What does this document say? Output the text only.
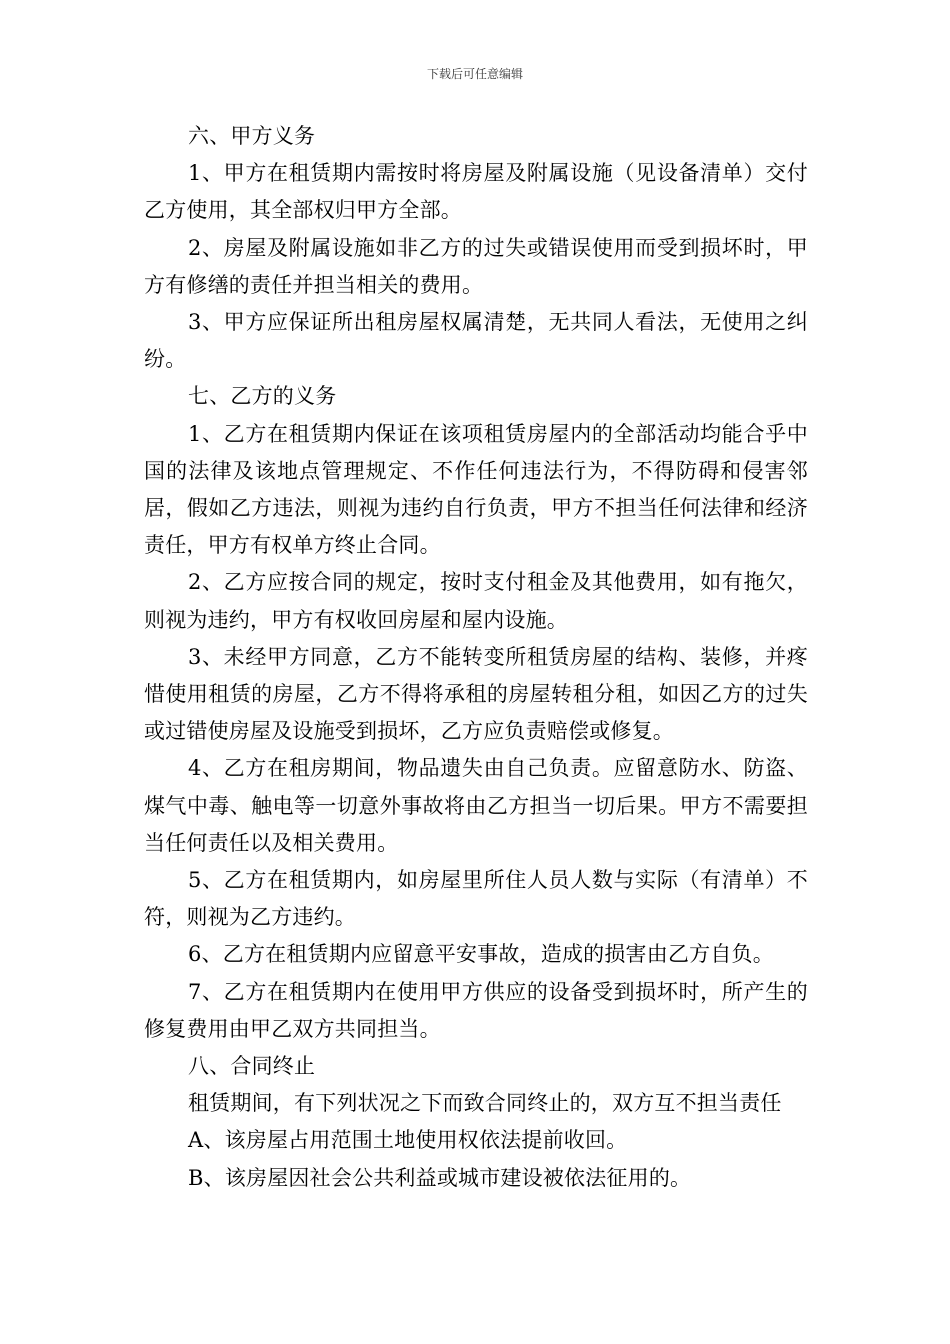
下载后可任意编辑

六、甲方义务

1、甲方在租赁期内需按时将房屋及附属设施（见设备清单）交付乙方使用，其全部权归甲方全部。

2、房屋及附属设施如非乙方的过失或错误使用而受到损坏时，甲方有修缮的责任并担当相关的费用。

3、甲方应保证所出租房屋权属清楚，无共同人看法，无使用之纠纷。

七、乙方的义务

1、乙方在租赁期内保证在该项租赁房屋内的全部活动均能合乎中国的法律及该地点管理规定、不作任何违法行为，不得防碍和侵害邻居，假如乙方违法，则视为违约自行负责，甲方不担当任何法律和经济责任，甲方有权单方终止合同。

2、乙方应按合同的规定，按时支付租金及其他费用，如有拖欠，则视为违约，甲方有权收回房屋和屋内设施。

3、未经甲方同意，乙方不能转变所租赁房屋的结构、装修，并疼惜使用租赁的房屋，乙方不得将承租的房屋转租分租，如因乙方的过失或过错使房屋及设施受到损坏，乙方应负责赔偿或修复。

4、乙方在租房期间，物品遗失由自己负责。应留意防水、防盗、煤气中毒、触电等一切意外事故将由乙方担当一切后果。甲方不需要担当任何责任以及相关费用。

5、乙方在租赁期内，如房屋里所住人员人数与实际（有清单）不符，则视为乙方违约。

6、乙方在租赁期内应留意平安事故，造成的损害由乙方自负。

7、乙方在租赁期内在使用甲方供应的设备受到损坏时，所产生的修复费用由甲乙双方共同担当。

八、合同终止

租赁期间，有下列状况之下而致合同终止的，双方互不担当责任

A、该房屋占用范围土地使用权依法提前收回。

B、该房屋因社会公共利益或城市建设被依法征用的。
